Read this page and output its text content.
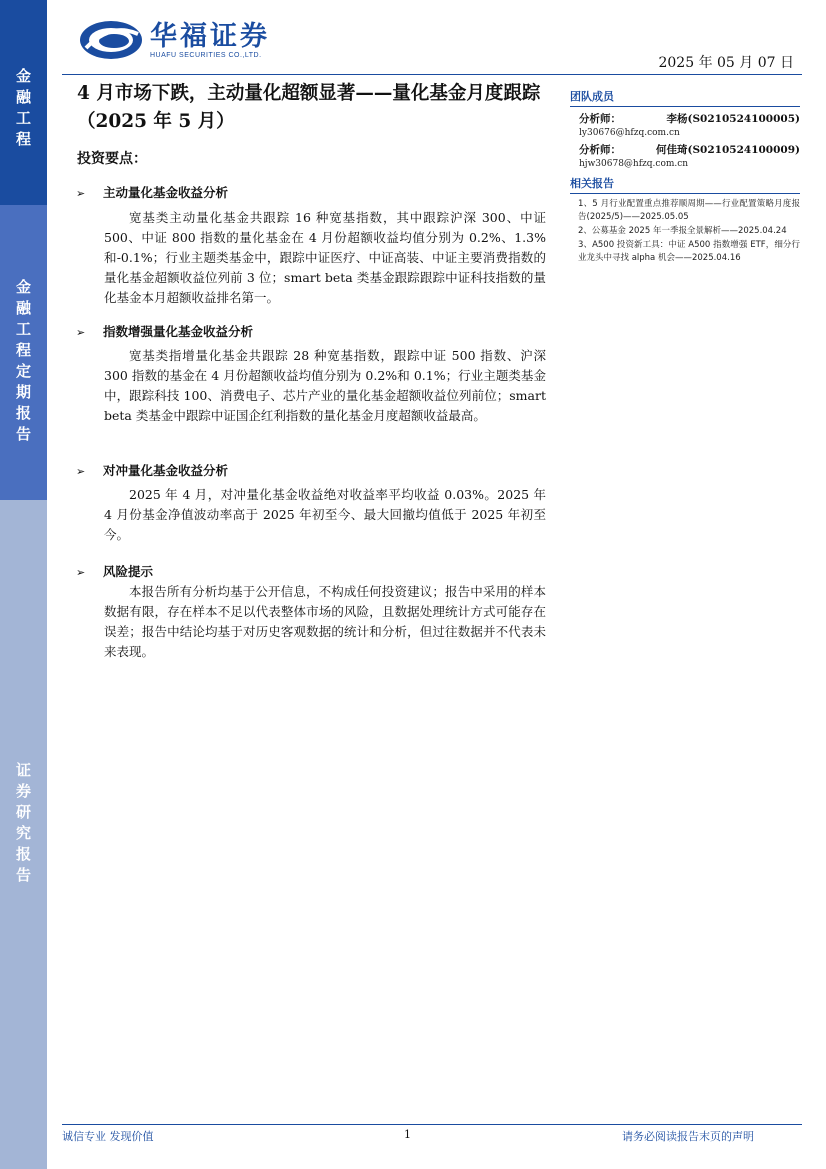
金融工程
金融工程定期报告
证券研究报告
华福证券
HUAFU SECURITIES CO.,LTD.	2025 年 05 月 07 日
4 月市场下跌，主动量化超额显著——量化基金月度跟踪（2025 年 5 月）
投资要点：
➢ 主动量化基金收益分析
宽基类主动量化基金共跟踪 16 种宽基指数，其中跟踪沪深 300、中证 500、中证 800 指数的量化基金在 4 月份超额收益均值分别为 0.2%、1.3%和-0.1%；行业主题类基金中，跟踪中证医疗、中证高装、中证主要消费指数的量化基金超额收益位列前 3 位；smart beta 类基金跟踪跟踪中证科技指数的量化基金本月超额收益排名第一。
➢ 指数增强量化基金收益分析
宽基类指增量化基金共跟踪 28 种宽基指数，跟踪中证 500 指数、沪深 300 指数的基金在 4 月份超额收益均值分别为 0.2%和 0.1%；行业主题类基金中，跟踪科技 100、消费电子、芯片产业的量化基金超额收益位列前位；smart beta 类基金中跟踪中证国企红利指数的量化基金月度超额收益最高。
➢ 对冲量化基金收益分析
2025 年 4 月，对冲量化基金收益绝对收益率平均收益 0.03%。2025 年 4 月份基金净值波动率高于 2025 年初至今、最大回撤均值低于 2025 年初至今。
➢ 风险提示
本报告所有分析均基于公开信息，不构成任何投资建议；报告中采用的样本数据有限，存在样本不足以代表整体市场的风险，且数据处理统计方式可能存在误差；报告中结论均基于对历史客观数据的统计和分析，但过往数据并不代表未来表现。
团队成员
分析师：	李杨(S0210524100005)
ly30676@hfzq.com.cn
分析师：	何佳琦(S0210524100009)
hjw30678@hfzq.com.cn
相关报告
1、5 月行业配置重点推荐顺周期——行业配置策略月度报告(2025/5)——2025.05.05
2、公募基金 2025 年一季报全景解析——2025.04.24
3、A500 投资新工具：中证 A500 指数增强 ETF，细分行业龙头中寻找 alpha 机会——2025.04.16
诚信专业 发现价值	1	请务必阅读报告末页的声明
